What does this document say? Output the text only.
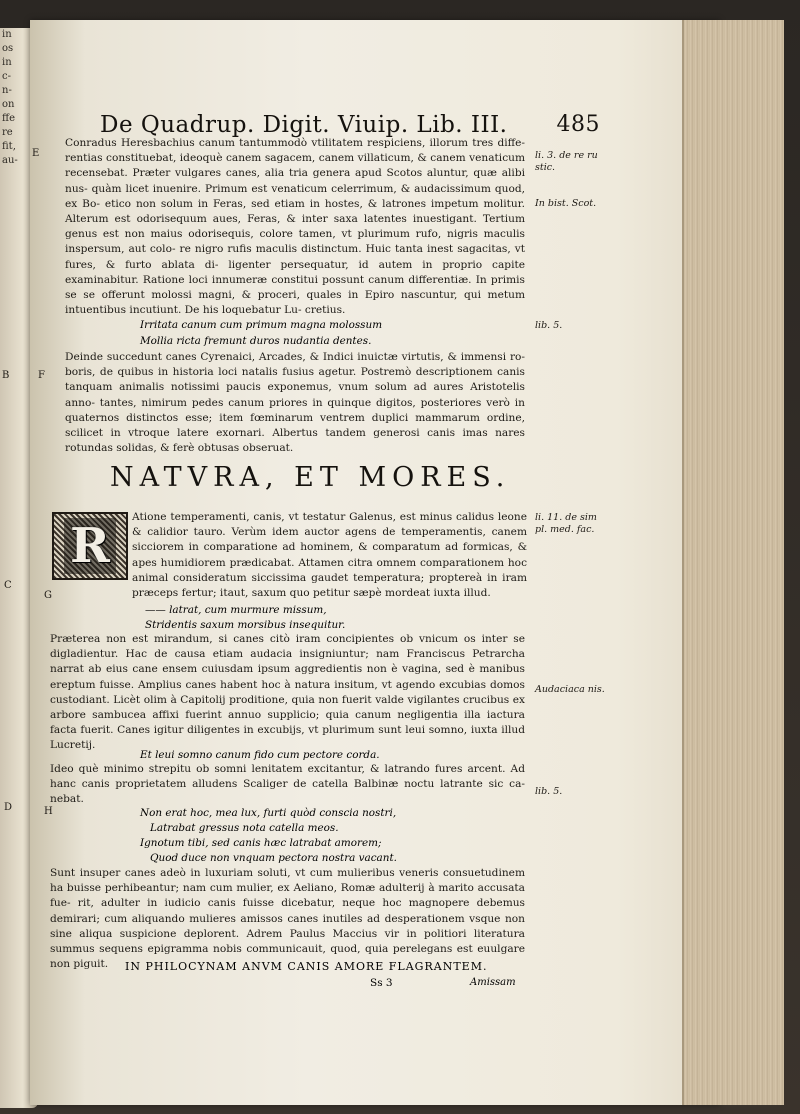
in
os
in
c-
n-
on
ffe
re
fit,
au-
De Quadrup. Digit. Viuip. Lib. III. 485
E

Conradus Heresbachius canum tantummodò vtilitatem respiciens, illorum tres diffe- rentias constituebat, ideoquè canem sagacem, canem villaticum, & canem venaticum recensebat. Præter vulgares canes, alia tria genera apud Scotos aluntur, quæ alibi nus- quàm licet inuenire. Primum est venaticum celerrimum, & audacissimum quod, ex Bo- etico non solum in Feras, sed etiam in hostes, & latrones impetum molitur. Alterum est odorisequum aues, Feras, & inter saxa latentes inuestigant. Tertium genus est non maius odorisequis, colore tamen, vt plurimum rufo, nigris maculis inspersum, aut colo- re nigro rufis maculis distinctum. Huic tanta inest sagacitas, vt fures, & furto ablata di- ligenter persequatur, id autem in proprio capite examinabitur. Ratione loci innumeræ constitui possunt canum differentiæ. In primis se se offerunt molossi magni, & proceri, quales in Epiro nascuntur, qui metum intuentibus incutiunt. De his loquebatur Lu- cretius.

li. 3. de re ru stic.
In bist. Scot.
Irritata canum cum primum magna molossum
Mollia ricta fremunt duros nudantia dentes.
lib. 5.
F
B

Deinde succedunt canes Cyrenaici, Arcades, & Indici inuictæ virtutis, & immensi ro- boris, de quibus in historia loci natalis fusius agetur. Postremò descriptionem canis tanquam animalis notissimi paucis exponemus, vnum solum ad aures Aristotelis anno- tantes, nimirum pedes canum priores in quinque digitos, posteriores verò in quaternos distinctos esse; item fœminarum ventrem duplici mammarum ordine, scilicet in vtroque latere exornari. Albertus tandem generosi canis imas nares rotundas solidas, & ferè obtusas obseruat.

NATVRA, ET MORES.
R

Atione temperamenti, canis, vt testatur Galenus, est minus calidus leone & calidior tauro. Verùm idem auctor agens de temperamentis, canem sicciorem in comparatione ad hominem, & comparatum ad formicas, & apes humidiorem prædicabat. Attamen citra omnem comparationem hoc animal consideratum siccissima gaudet temperatura; proptereà in iram præceps fertur; itaut, saxum quo petitur sæpè mordeat iuxta illud.

li. 11. de sim pl. med. fac.
G
C
—— latrat, cum murmure missum,
Stridentis saxum morsibus insequitur.

Præterea non est mirandum, si canes citò iram concipientes ob vnicum os inter se digladientur. Hac de causa etiam audacia insigniuntur; nam Franciscus Petrarcha narrat ab eius cane ensem cuiusdam ipsum aggredientis non è vagina, sed è manibus ereptum fuisse. Amplius canes habent hoc à natura insitum, vt agendo excubias domos custodiant. Licèt olim à Capitolij proditione, quia non fuerit valde vigilantes crucibus ex arbore sambucea affixi fuerint annuo supplicio; quia canum negligentia illa iactura facta fuerit. Canes igitur diligentes in excubijs, vt plurimum sunt leui somno, iuxta illud Lucretij.

Audaciaca nis.
Et leui somno canum fido cum pectore corda.

Ideo què minimo strepitu ob somni lenitatem excitantur, & latrando fures arcent. Ad hanc canis proprietatem alludens Scaliger de catella Balbinæ noctu latrante sic ca- nebat.

lib. 5.
H
D	Non erat hoc, mea lux, furti quòd conscia nostri,
Latrabat gressus nota catella meos.
Ignotum tibi, sed canis hæc latrabat amorem;
Quod duce non vnquam pectora nostra vacant.

Sunt insuper canes adeò in luxuriam soluti, vt cum mulieribus veneris consuetudinem ha buisse perhibeantur; nam cum mulier, ex Aeliano, Romæ adulterij à marito accusata fue- rit, adulter in iudicio canis fuisse dicebatur, neque hoc magnopere debemus demirari; cum aliquando mulieres amissos canes inutiles ad desperationem vsque non sine aliqua suspicione deplorent. Adrem Paulus Maccius vir in politiori literatura summus sequens epigramma nobis communicauit, quod, quia perelegans est euulgare non piguit.	IN PHILOCYNAM ANVM CANIS AMORE FLAGRANTEM.
Ss 3	Amissam
